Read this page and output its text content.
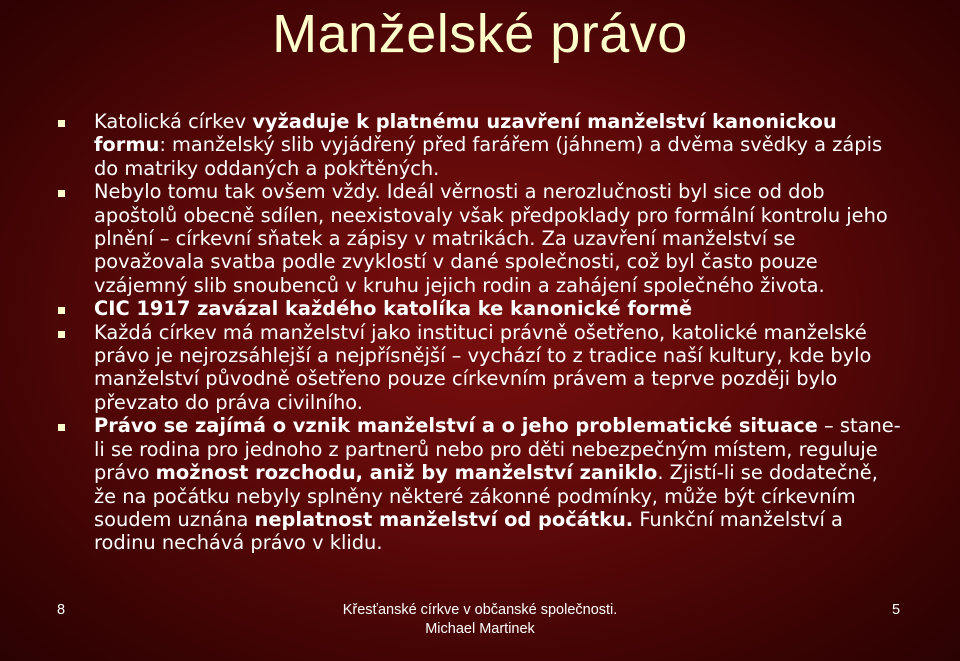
Manželské právo
Katolická církev vyžaduje k platnému uzavření manželství kanonickou formu: manželský slib vyjádřený před farářem (jáhnem) a dvěma svědky a zápis do matriky oddaných a pokřtěných.
Nebylo tomu tak ovšem vždy. Ideál věrnosti a nerozlučnosti byl sice od dob apoštolů obecně sdílen, neexistovaly však předpoklady pro formální kontrolu jeho plnění – církevní sňatek a zápisy v matrikách. Za uzavření manželství se považovala svatba podle zvyklostí v dané společnosti, což byl často pouze vzájemný slib snoubenců v kruhu jejich rodin a zahájení společného života.
CIC 1917 zavázal každého katolíka ke kanonické formě
Každá církev má manželství jako instituci právně ošetřeno, katolické manželské právo je nejrozsáhlejší a nejpřísnější – vychází to z tradice naší kultury, kde bylo manželství původně ošetřeno pouze církevním právem a teprve později bylo převzato do práva civilního.
Právo se zajímá o vznik manželství a o jeho problematické situace – stane-li se rodina pro jednoho z partnerů nebo pro děti nebezpečným místem, reguluje právo možnost rozchodu, aniž by manželství zaniklo. Zjistí-li se dodatečně, že na počátku nebyly splněny některé zákonné podmínky, může být církevním soudem uznána neplatnost manželství od počátku. Funkční manželství a rodinu nechává právo v klidu.
8	Křesťanské církve v občanské společnosti.
Michael Martinek
5
